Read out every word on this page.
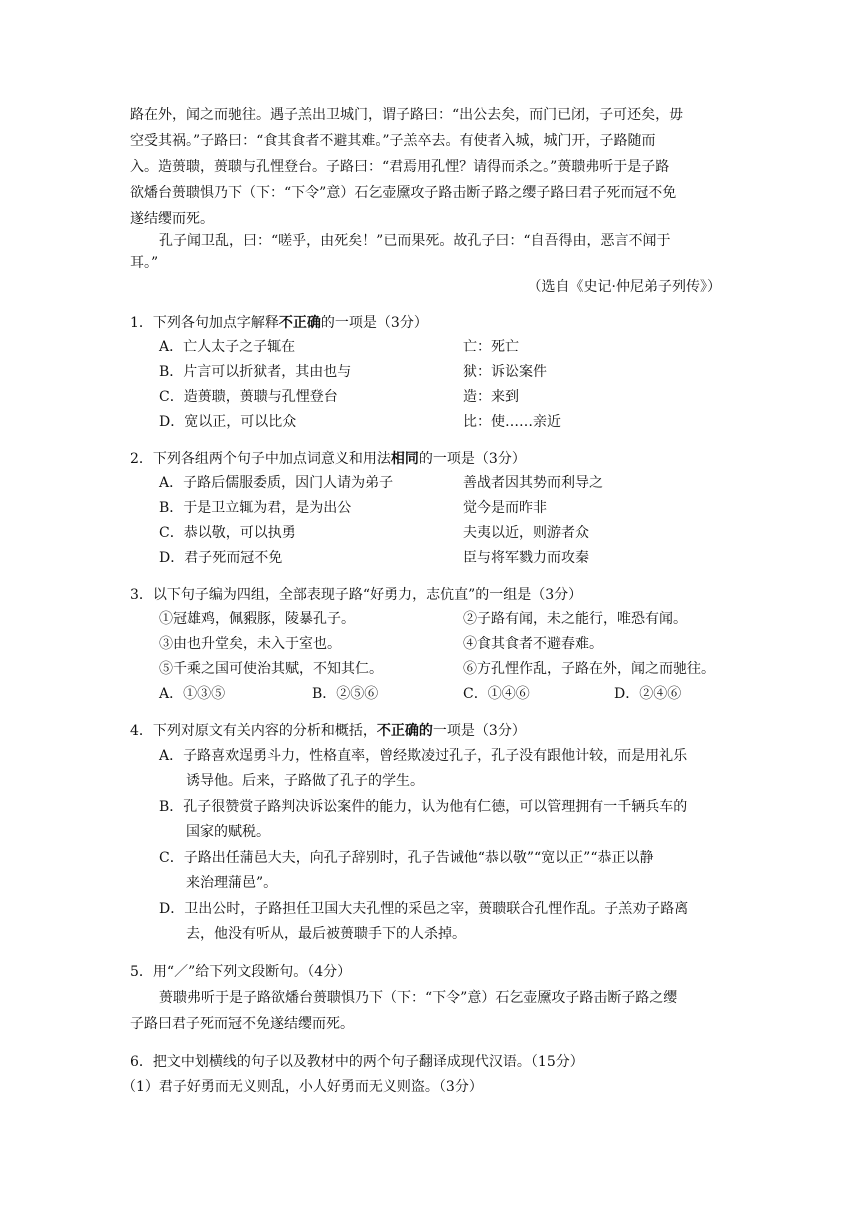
路在外，闻之而驰往。遇子羔出卫城门，谓子路曰：“出公去矣，而门已闭，子可还矣，毋
空受其祸。”子路曰：“食其食者不避其难。”子羔卒去。有使者入城，城门开，子路随而
入。造蒉聩，蒉聩与孔悝登台。子路曰：“君焉用孔悝？请得而杀之。”蒉聩弗听于是子路
欲燔台蒉聩惧乃下（下：“下令”意）石乞壶黡攻子路击断子路之缨子路曰君子死而冠不免
遂结缨而死。
孔子闻卫乱，曰：“嗟乎，由死矣！”已而果死。故孔子曰：“自吾得由，恶言不闻于
耳。”
（选自《史记·仲尼弟子列传》）
1．下列各句加点字解释不正确的一项是（3分）
A．亡人太子之子辄在	亡：死亡
B．片言可以折狱者，其由也与	狱：诉讼案件
C．造蒉聩，蒉聩与孔悝登台	造：来到
D．宽以正，可以比众	比：使……亲近
2．下列各组两个句子中加点词意义和用法相同的一项是（3分）
A．子路后儒服委质，因门人请为弟子	善战者因其势而利导之
B．于是卫立辄为君，是为出公	觉今是而昨非
C．恭以敬，可以执勇	夫夷以近，则游者众
D．君子死而冠不免	臣与将军戮力而攻秦
3．以下句子编为四组，全部表现子路“好勇力，志伉直”的一组是（3分）
①冠雄鸡，佩豭豚，陵暴孔子。	②子路有闻，未之能行，唯恐有闻。
③由也升堂矣，未入于室也。	④食其食者不避春难。
⑤千乘之国可使治其赋，不知其仁。	⑥方孔悝作乱，子路在外，闻之而驰往。
A．①③⑤	B．②⑤⑥	C．①④⑥	D．②④⑥
4．下列对原文有关内容的分析和概括，不正确的一项是（3分）
A．子路喜欢逞勇斗力，性格直率，曾经欺凌过孔子，孔子没有跟他计较，而是用礼乐
诱导他。后来，子路做了孔子的学生。
B．孔子很赞赏子路判决诉讼案件的能力，认为他有仁德，可以管理拥有一千辆兵车的
国家的赋税。
C．子路出任蒲邑大夫，向孔子辞别时，孔子告诫他“恭以敬”“宽以正”“恭正以静
来治理蒲邑”。
D．卫出公时，子路担任卫国大夫孔悝的采邑之宰，蒉聩联合孔悝作乱。子羔劝子路离
去，他没有听从，最后被蒉聩手下的人杀掉。
5．用“／”给下列文段断句。（4分）
蒉聩弗听于是子路欲燔台蒉聩惧乃下（下：“下令”意）石乞壶黡攻子路击断子路之缨
子路曰君子死而冠不免遂结缨而死。
6．把文中划横线的句子以及教材中的两个句子翻译成现代汉语。（15分）
（1）君子好勇而无义则乱，小人好勇而无义则盗。（3分）
